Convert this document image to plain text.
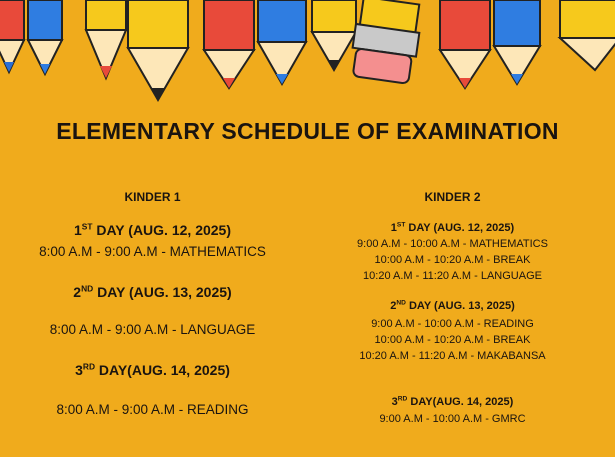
ELEMENTARY SCHEDULE OF EXAMINATION

KINDER 1

1ST DAY (AUG. 12, 2025)

8:00 A.M - 9:00 A.M - MATHEMATICS

2ND DAY (AUG. 13, 2025)

8:00 A.M - 9:00 A.M - LANGUAGE

3RD DAY(AUG. 14, 2025)

8:00 A.M - 9:00 A.M - READING

KINDER 2

1ST DAY (AUG. 12, 2025)

9:00 A.M - 10:00 A.M - MATHEMATICS

10:00 A.M - 10:20 A.M - BREAK

10:20 A.M - 11:20 A.M - LANGUAGE

2ND DAY (AUG. 13, 2025)

9:00 A.M - 10:00 A.M - READING

10:00 A.M - 10:20 A.M - BREAK

10:20 A.M - 11:20 A.M - MAKABANSA

3RD DAY(AUG. 14, 2025)

9:00 A.M - 10:00 A.M - GMRC
